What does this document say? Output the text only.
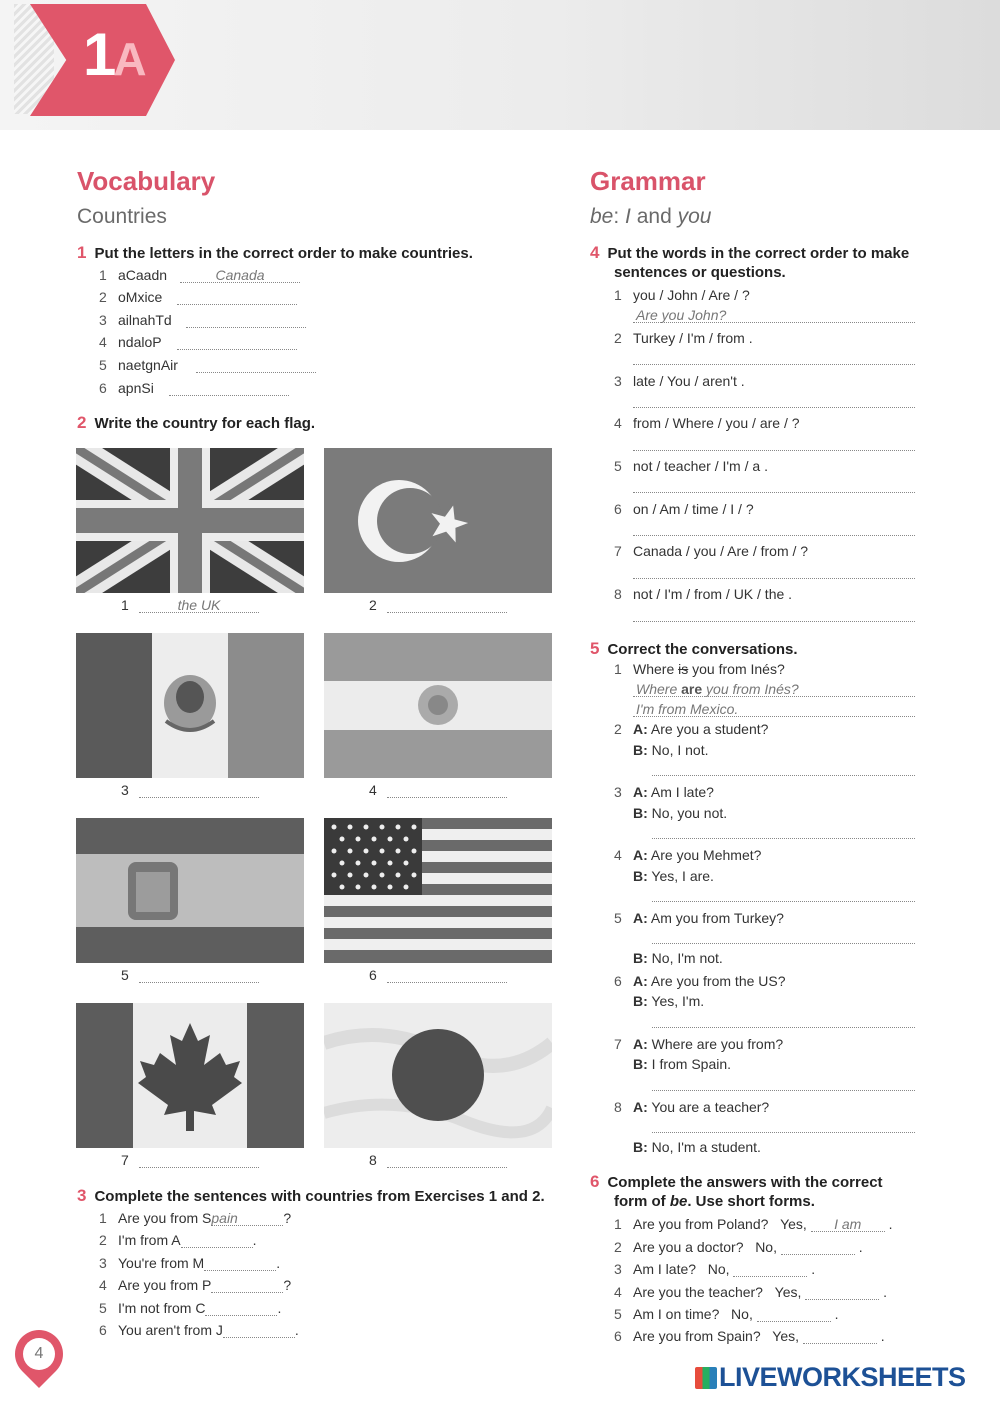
1A
Vocabulary
Countries
1 Put the letters in the correct order to make countries.
1 aCaadn	Canada
2 oMxice
3 ailnahTd
4 ndaloP
5 naetgnAir
6 apnSi
2 Write the country for each flag.
1	the UK	2
3	4
5	6
7	8
3 Complete the sentences with countries from Exercises 1 and 2.
1 Are you from Spain	?
2 I'm from A	.
3 You're from M	.
4 Are you from P	?
5 I'm not from C	.
6 You aren't from J	.
Grammar
be: I and you
4 Put the words in the correct order to make
sentences or questions.
1 you / John / Are / ?
Are you John?
2 Turkey / I'm / from .
3 late / You / aren't .
4 from / Where / you / are / ?
5 not / teacher / I'm / a .
6 on / Am / time / I / ?
7 Canada / you / Are / from / ?
8 not / I'm / from / UK / the .
5 Correct the conversations.
1 Where is you from Inés?
Where are you from Inés?
I'm from Mexico.
2 A: Are you a student?
B: No, I not.
3 A: Am I late?
B: No, you not.
4 A: Are you Mehmet?
B: Yes, I are.
5 A: Am you from Turkey?
B: No, I'm not.
6 A: Are you from the US?
B: Yes, I'm.
7 A: Where are you from?
B: I from Spain.
8 A: You are a teacher?
B: No, I'm a student.
6 Complete the answers with the correct
form of be. Use short forms.
1 Are you from Poland? Yes, I am .
2 Are you a doctor? No,	.
3 Am I late? No,	.
4 Are you the teacher? Yes,	.
5 Am I on time? No,	.
6 Are you from Spain? Yes,	.
4
LIVEWORKSHEETS
